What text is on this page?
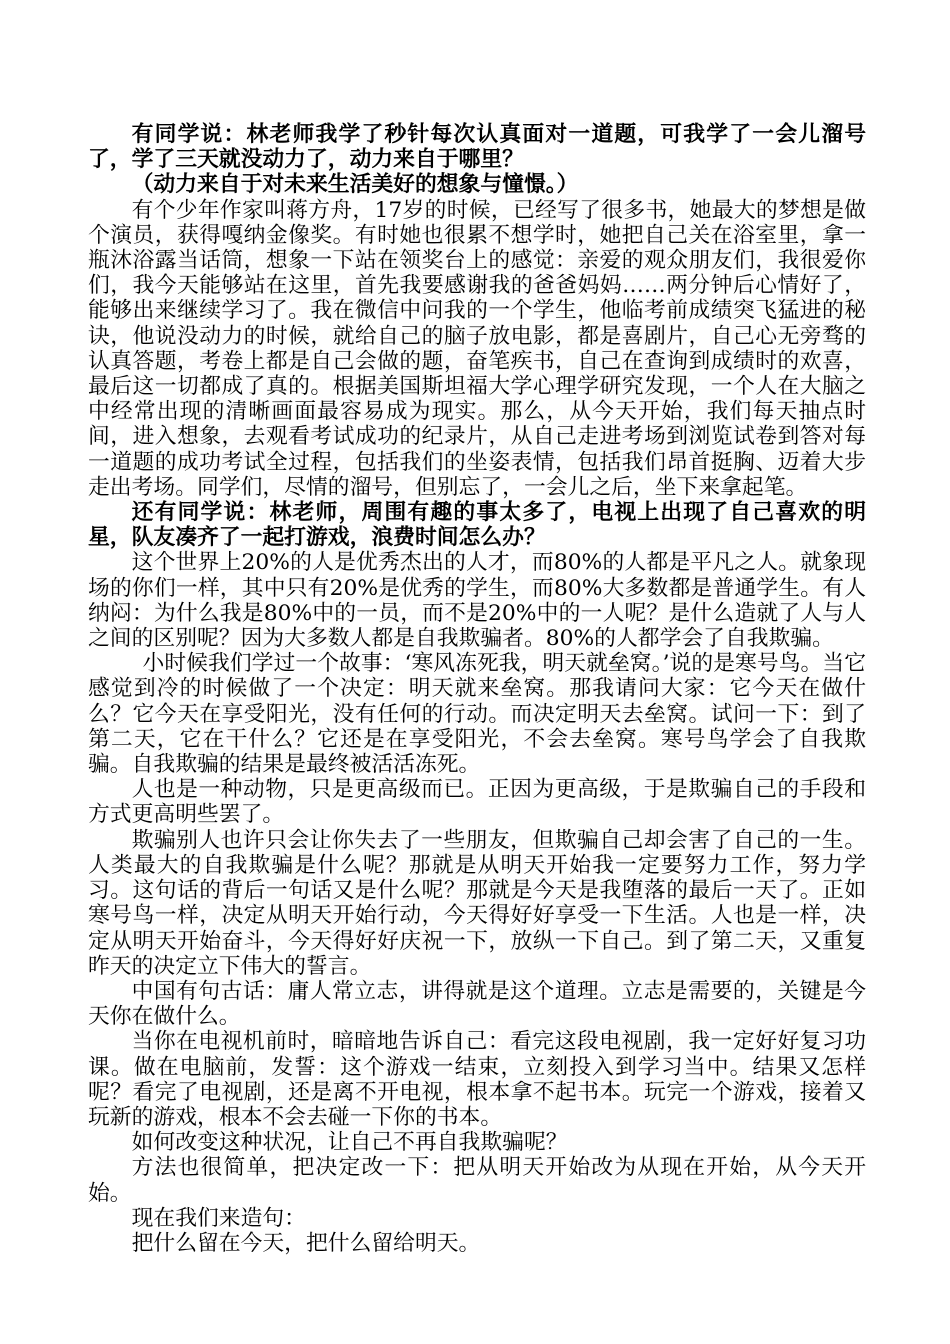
有同学说：林老师我学了秒针每次认真面对一道题，可我学了一会儿溜号了，学了三天就没动力了，动力来自于哪里？

（动力来自于对未来生活美好的想象与憧憬。）

有个少年作家叫蒋方舟，17岁的时候，已经写了很多书，她最大的梦想是做个演员，获得嘎纳金像奖。有时她也很累不想学时，她把自己关在浴室里，拿一瓶沐浴露当话筒，想象一下站在领奖台上的感觉：亲爱的观众朋友们，我很爱你们，我今天能够站在这里，首先我要感谢我的爸爸妈妈……两分钟后心情好了，能够出来继续学习了。我在微信中问我的一个学生，他临考前成绩突飞猛进的秘诀，他说没动力的时候，就给自己的脑子放电影，都是喜剧片，自己心无旁骛的认真答题，考卷上都是自己会做的题，奋笔疾书，自己在查询到成绩时的欢喜，最后这一切都成了真的。根据美国斯坦福大学心理学研究发现，一个人在大脑之中经常出现的清晰画面最容易成为现实。那么，从今天开始，我们每天抽点时间，进入想象，去观看考试成功的纪录片，从自己走进考场到浏览试卷到答对每一道题的成功考试全过程，包括我们的坐姿表情，包括我们昂首挺胸、迈着大步走出考场。同学们，尽情的溜号，但别忘了，一会儿之后，坐下来拿起笔。

还有同学说：林老师，周围有趣的事太多了，电视上出现了自己喜欢的明星，队友凑齐了一起打游戏，浪费时间怎么办？

这个世界上20%的人是优秀杰出的人才，而80%的人都是平凡之人。就象现场的你们一样，其中只有20%是优秀的学生，而80%大多数都是普通学生。有人纳闷：为什么我是80%中的一员，而不是20%中的一人呢？是什么造就了人与人之间的区别呢？因为大多数人都是自我欺骗者。80%的人都学会了自我欺骗。

小时候我们学过一个故事：‘寒风冻死我，明天就垒窝。’说的是寒号鸟。当它感觉到冷的时候做了一个决定：明天就来垒窝。那我请问大家：它今天在做什么？它今天在享受阳光，没有任何的行动。而决定明天去垒窝。试问一下：到了第二天，它在干什么？它还是在享受阳光，不会去垒窝。寒号鸟学会了自我欺骗。自我欺骗的结果是最终被活活冻死。

人也是一种动物，只是更高级而已。正因为更高级，于是欺骗自己的手段和方式更高明些罢了。

欺骗别人也许只会让你失去了一些朋友，但欺骗自己却会害了自己的一生。人类最大的自我欺骗是什么呢？那就是从明天开始我一定要努力工作，努力学习。这句话的背后一句话又是什么呢？那就是今天是我堕落的最后一天了。正如寒号鸟一样，决定从明天开始行动，今天得好好享受一下生活。人也是一样，决定从明天开始奋斗，今天得好好庆祝一下，放纵一下自己。到了第二天，又重复昨天的决定立下伟大的誓言。

中国有句古话：庸人常立志，讲得就是这个道理。立志是需要的，关键是今天你在做什么。

当你在电视机前时，暗暗地告诉自己：看完这段电视剧，我一定好好复习功课。做在电脑前，发誓：这个游戏一结束，立刻投入到学习当中。结果又怎样呢？看完了电视剧，还是离不开电视，根本拿不起书本。玩完一个游戏，接着又玩新的游戏，根本不会去碰一下你的书本。

如何改变这种状况，让自己不再自我欺骗呢？

方法也很简单，把决定改一下：把从明天开始改为从现在开始，从今天开始。

现在我们来造句：

把什么留在今天，把什么留给明天。
